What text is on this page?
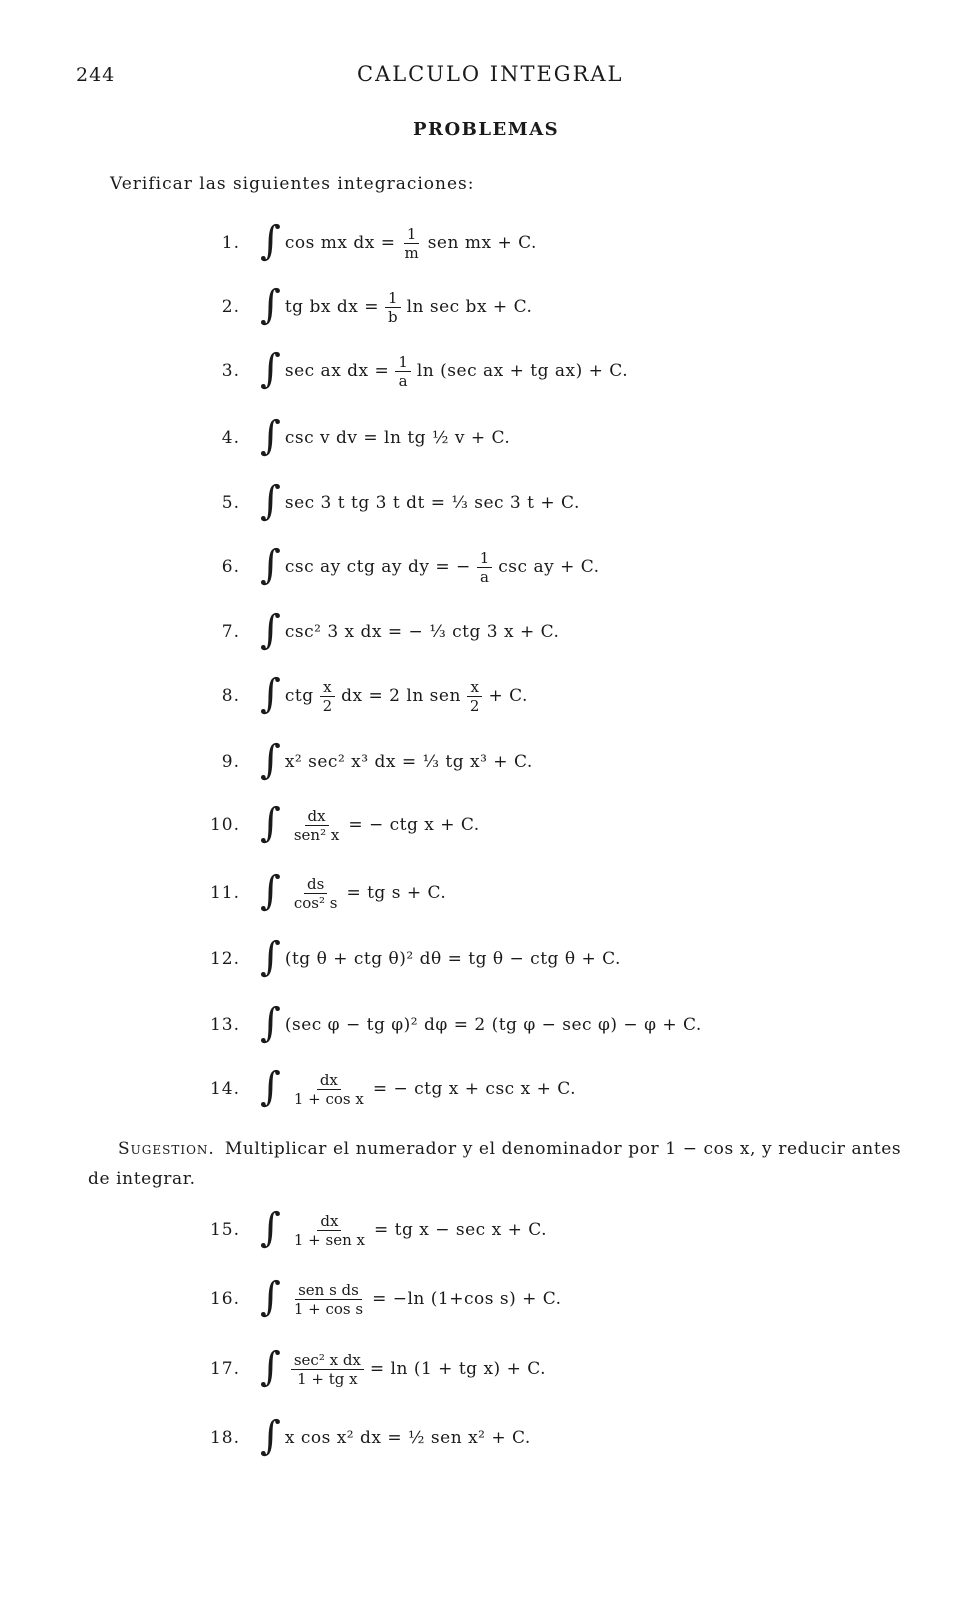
244	CALCULO INTEGRAL
PROBLEMAS
Verificar las siguientes integraciones:
1. ∫ cos mx dx = $\frac{1}{m}$ sen mx + C.
2. ∫ tg bx dx = $\frac{1}{b}$ ln sec bx + C.
3. ∫ sec ax dx = $\frac{1}{a}$ ln (sec ax + tg ax) + C.
4. ∫ csc v dv = ln tg ½ v + C.
5. ∫ sec 3 t tg 3 t dt = ⅓ sec 3 t + C.
6. ∫ csc ay ctg ay dy = − $\frac{1}{a}$ csc ay + C.
7. ∫ csc² 3 x dx = − ⅓ ctg 3 x + C.
8. ∫ ctg $\frac{x}{2}$ dx = 2 ln sen $\frac{x}{2} + C$.
9. ∫ x² sec² x³ dx = ⅓ tg x³ + C.
10. ∫ $\frac{dx}{\text{sen² x}}$ = − ctg x + C.
11. ∫ $\frac{ds}{\text{cos² s}}$ = tg s + C.
12. ∫ (tg θ + ctg θ)² dθ = tg θ − ctg θ + C.
13. ∫ (sec φ − tg φ)² dφ = 2 (tg φ − sec φ) − φ + C.
14. ∫ $\frac{dx}{\text{1 + cos x}}$ = − ctg x + csc x + C.
Sugestion. Multiplicar el numerador y el denominador por 1 − cos x, y reducir antes de integrar.
15. ∫ $\frac{dx}{\text{1 + sen x}}$ = tg x − sec x + C.
16. ∫ $\frac{\text{sen s ds}}{\text{1 + cos s}} = -\ln$ (1+cos s) + C.
17. ∫ $\frac{\text{sec² x dx}}{\text{1 + tg x}} = \ln (1$ + tg x) + C.
18. ∫ x cos x² dx = ½ sen x² + C.
